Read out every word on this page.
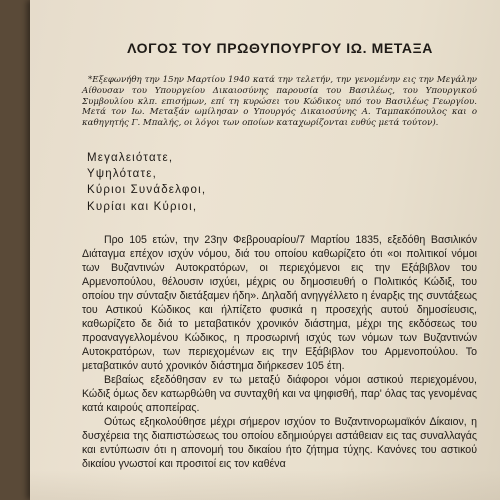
ΛΟΓΟΣ ΤΟΥ ΠΡΩΘΥΠΟΥΡΓΟΥ ΙΩ. ΜΕΤΑΞΑ
*Εξεφωνήθη την 15ην Μαρτίου 1940 κατά την τελετήν, την γενομένην εις την Μεγάλην Αίθουσαν του Υπουργείου Δικαιοσύνης παρουσία του Βασιλέως, του Υπουργικού Συμβουλίου κλπ. επισήμων, επί τη κυρώσει του Κώδικος υπό του Βασιλέως Γεωργίου. Μετά τον Ιω. Μεταξάν ωμίλησαν ο Υπουργός Δικαιοσύνης Α. Ταμπακόπουλος και ο καθηγητής Γ. Μπαλής, οι λόγοι των οποίων καταχωρίζονται ευθύς μετά τούτον).
Μεγαλειότατε,
Υψηλότατε,
Κύριοι Συνάδελφοι,
Κυρίαι και Κύριοι,

Προ 105 ετών, την 23ην Φεβρουαρίου/7 Μαρτίου 1835, εξεδόθη Βασιλικόν Διάταγμα επέχον ισχύν νόμου, διά του οποίου καθωρίζετο ότι «οι πολιτικοί νόμοι των Βυζαντινών Αυτοκρατόρων, οι περιεχόμενοι εις την Εξάβιβλον του Αρμενοπούλου, θέλουσιν ισχύει, μέχρις ου δημοσιευθή ο Πολιτικός Κώδιξ, του οποίου την σύνταξιν διετάξαμεν ήδη». Δηλαδή ανηγγέλλετο η έναρξις της συντάξεως του Αστικού Κώδικος και ήλπίζετο φυσικά η προσεχής αυτού δημοσίευσις, καθωρίζετο δε διά το μεταβατικόν χρονικόν διάστημα, μέχρι της εκδόσεως του προαναγγελλομένου Κώδικος, η προσωρινή ισχύς των νόμων των Βυζαντινών Αυτοκρατόρων, των περιεχομένων εις την Εξάβιβλον του Αρμενοπούλου. Το μεταβατικόν αυτό χρονικόν διάστημα διήρκεσεν 105 έτη.

Βεβαίως εξεδόθησαν εν τω μεταξύ διάφοροι νόμοι αστικού περιεχομένου, Κώδιξ όμως δεν κατωρθώθη να συνταχθή και να ψηφισθή, παρ' όλας τας γενομένας κατά καιρούς αποπείρας.

Ούτως εξηκολούθησε μέχρι σήμερον ισχύον το Βυζαντινορωμαϊκόν Δίκαιον, η δυσχέρεια της διαπιστώσεως του οποίου εδημιούργει αστάθειαν εις τας συναλλαγάς και εντύπωσιν ότι η απονομή του δικαίου ήτο ζήτημα τύχης. Κανόνες του αστικού δικαίου γνωστοί και προσιτοί εις τον καθένα
